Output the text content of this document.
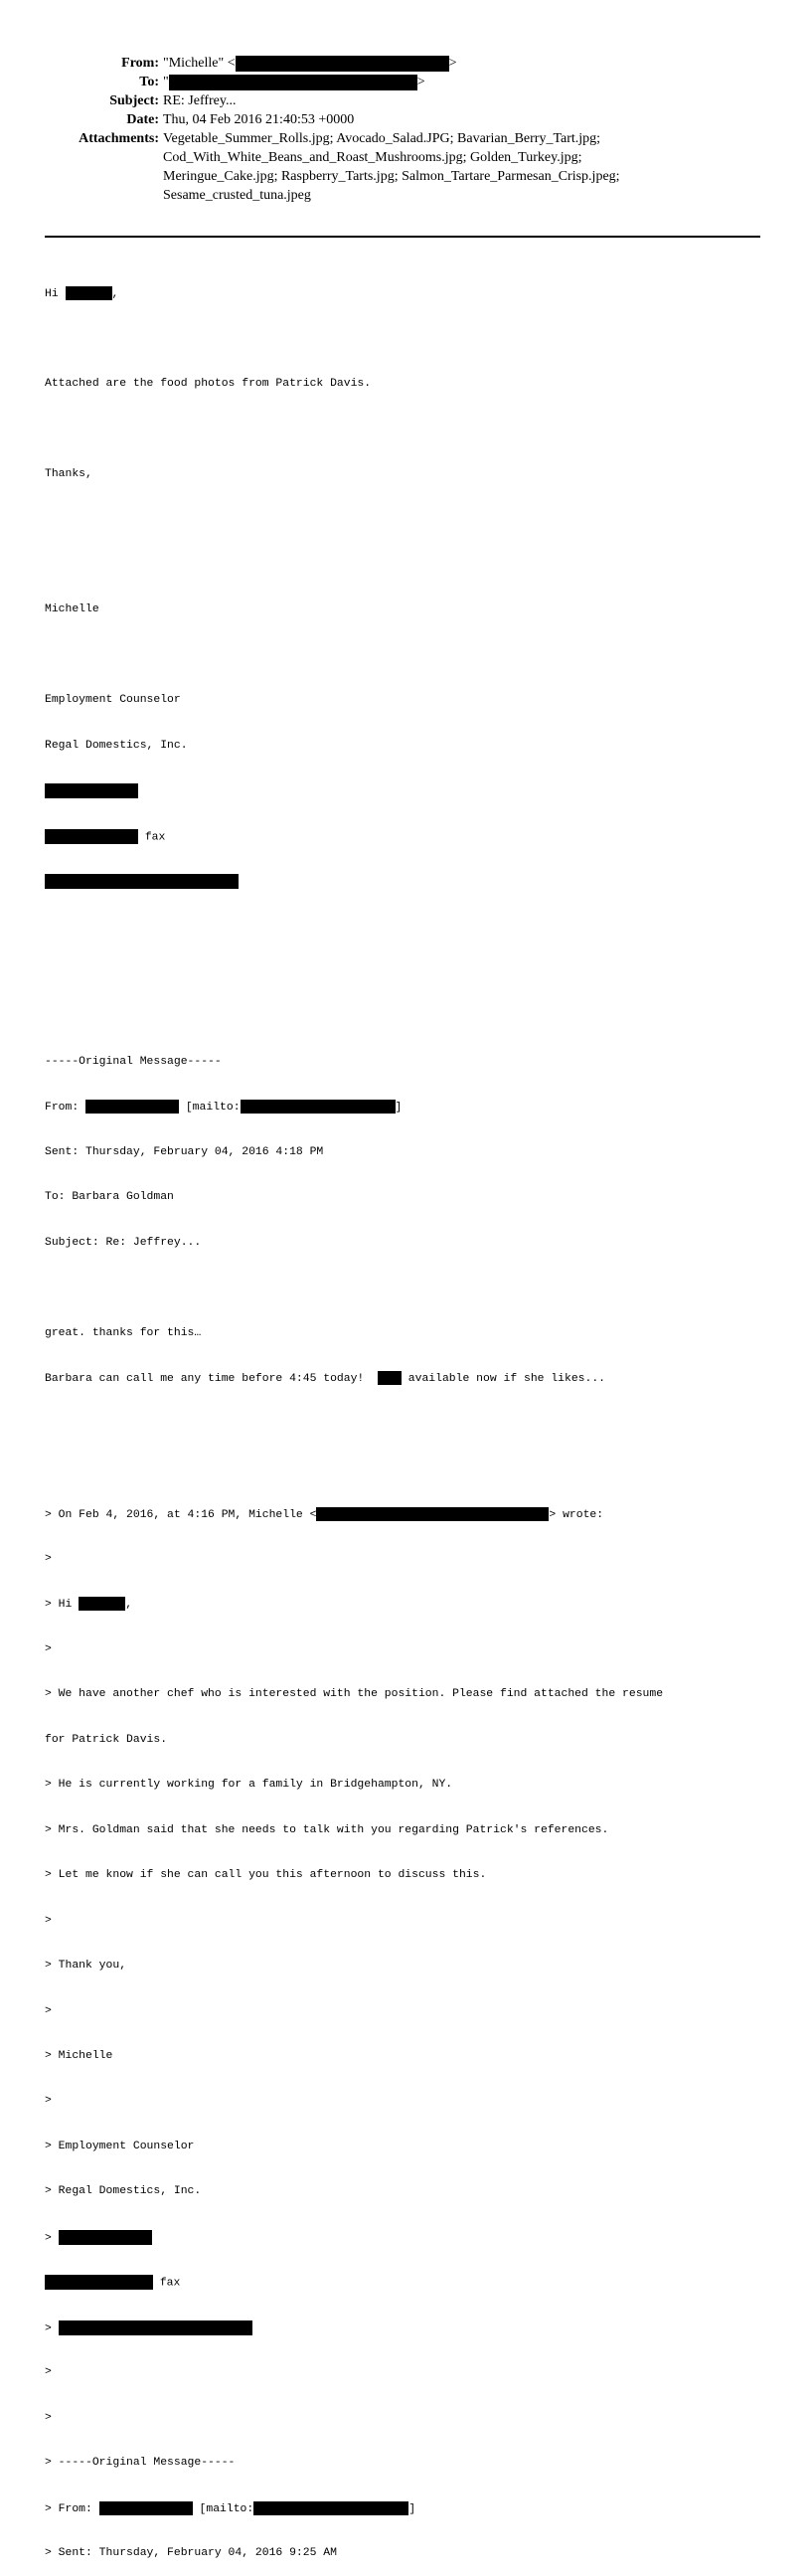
From: "Michelle" <	>
To: "	>
Subject: RE: Jeffrey...
Date: Thu, 04 Feb 2016 21:40:53 +0000
Attachments: Vegetable_Summer_Rolls.jpg; Avocado_Salad.JPG; Bavarian_Berry_Tart.jpg;
Cod_With_White_Beans_and_Roast_Mushrooms.jpg; Golden_Turkey.jpg;
Meringue_Cake.jpg; Raspberry_Tarts.jpg; Salmon_Tartare_Parmesan_Crisp.jpeg;
Sesame_crusted_tuna.jpeg

Hi	,

Attached are the food photos from Patrick Davis.

Thanks,

Michelle

Employment Counselor

Regal Domestics, Inc.

fax

-----Original Message-----

From:	[mailto:	]

Sent: Thursday, February 04, 2016 4:18 PM

To: Barbara Goldman

Subject: Re: Jeffrey...

great. thanks for this…

Barbara can call me any time before 4:45 today!   available now if she likes...

> On Feb 4, 2016, at 4:16 PM, Michelle <	> wrote:

>

> Hi	,

>

> We have another chef who is interested with the position. Please find attached the resume

for Patrick Davis.

> He is currently working for a family in Bridgehampton, NY.

> Mrs. Goldman said that she needs to talk with you regarding Patrick's references.

> Let me know if she can call you this afternoon to discuss this.

>

> Thank you,

>

> Michelle

>

> Employment Counselor

> Regal Domestics, Inc.

>

fax

>

>

>

> -----Original Message-----

> From:	[mailto:	]

> Sent: Thursday, February 04, 2016 9:25 AM
